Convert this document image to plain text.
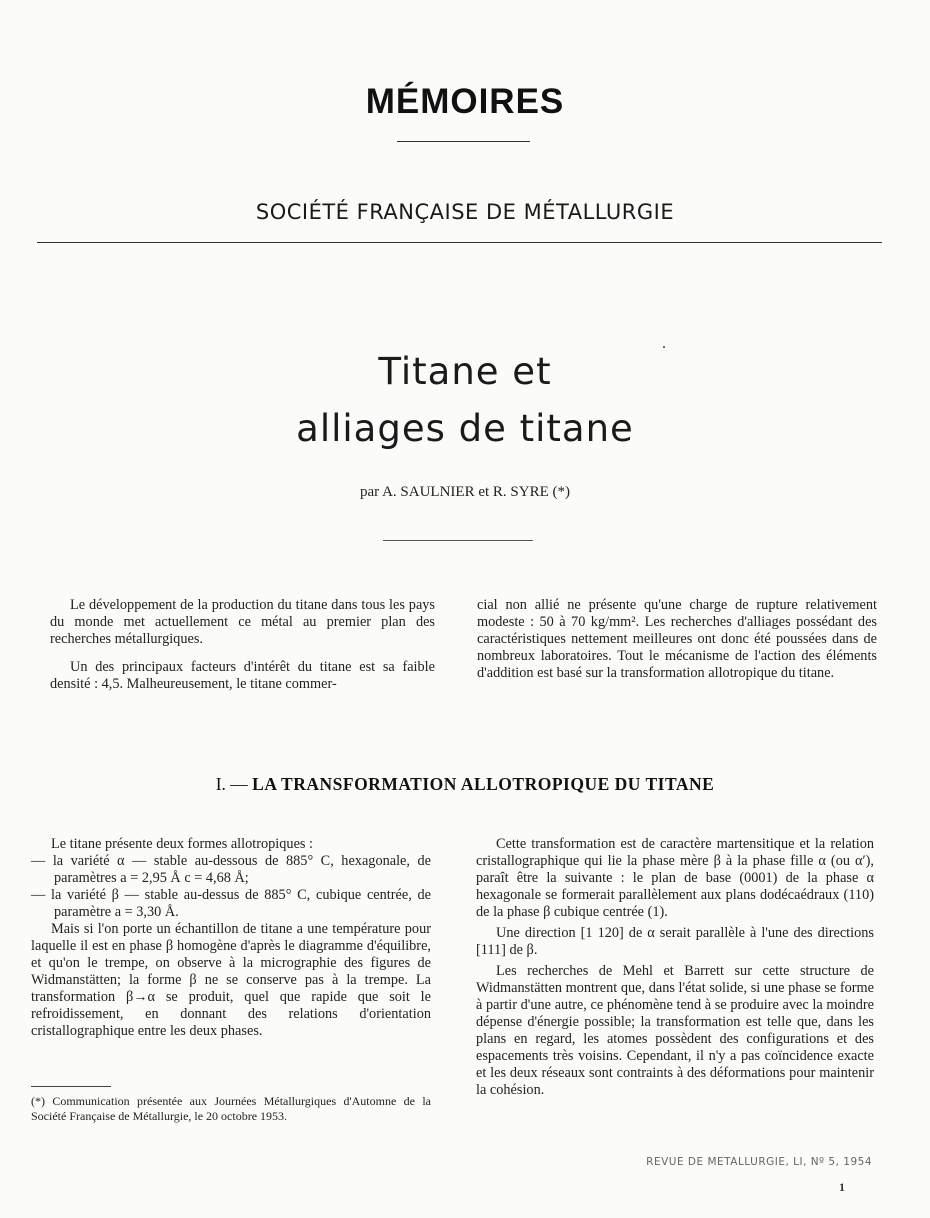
MÉMOIRES
SOCIÉTÉ FRANÇAISE DE MÉTALLURGIE
Titane et
alliages de titane
par A. SAULNIER et R. SYRE (*)

Le développement de la production du titane dans tous les pays du monde met actuellement ce métal au premier plan des recherches métallurgiques.

Un des principaux facteurs d'intérêt du titane est sa faible densité : 4,5. Malheureusement, le titane commer-

cial non allié ne présente qu'une charge de rupture relativement modeste : 50 à 70 kg/mm². Les recherches d'alliages possédant des caractéristiques nettement meilleures ont donc été poussées dans de nombreux laboratoires. Tout le mécanisme de l'action des éléments d'addition est basé sur la transformation allotropique du titane.

I. — LA TRANSFORMATION ALLOTROPIQUE DU TITANE

Le titane présente deux formes allotropiques :

— la variété α — stable au-dessous de 885° C, hexagonale, de paramètres a = 2,95 Å c = 4,68 Å;

— la variété β — stable au-dessus de 885° C, cubique centrée, de paramètre a = 3,30 Å.

Mais si l'on porte un échantillon de titane a une température pour laquelle il est en phase β homogène d'après le diagramme d'équilibre, et qu'on le trempe, on observe à la micrographie des figures de Widmanstätten; la forme β ne se conserve pas à la trempe. La transformation β→α se produit, quel que rapide que soit le refroidissement, en donnant des relations d'orientation cristallographique entre les deux phases.

(*) Communication présentée aux Journées Métallurgiques d'Automne de la Société Française de Métallurgie, le 20 octobre 1953.

Cette transformation est de caractère martensitique et la relation cristallographique qui lie la phase mère β à la phase fille α (ou α′), paraît être la suivante : le plan de base (0001) de la phase α hexagonale se formerait parallèlement aux plans dodécaédraux (110) de la phase β cubique centrée (1).

Une direction [1 120] de α serait parallèle à l'une des directions [111] de β.

Les recherches de Mehl et Barrett sur cette structure de Widmanstätten montrent que, dans l'état solide, si une phase se forme à partir d'une autre, ce phénomène tend à se produire avec la moindre dépense d'énergie possible; la transformation est telle que, dans les plans en regard, les atomes possèdent des configurations et des espacements très voisins. Cependant, il n'y a pas coïncidence exacte et les deux réseaux sont contraints à des déformations pour maintenir la cohésion.

REVUE DE METALLURGIE, LI, Nº 5, 1954
1
